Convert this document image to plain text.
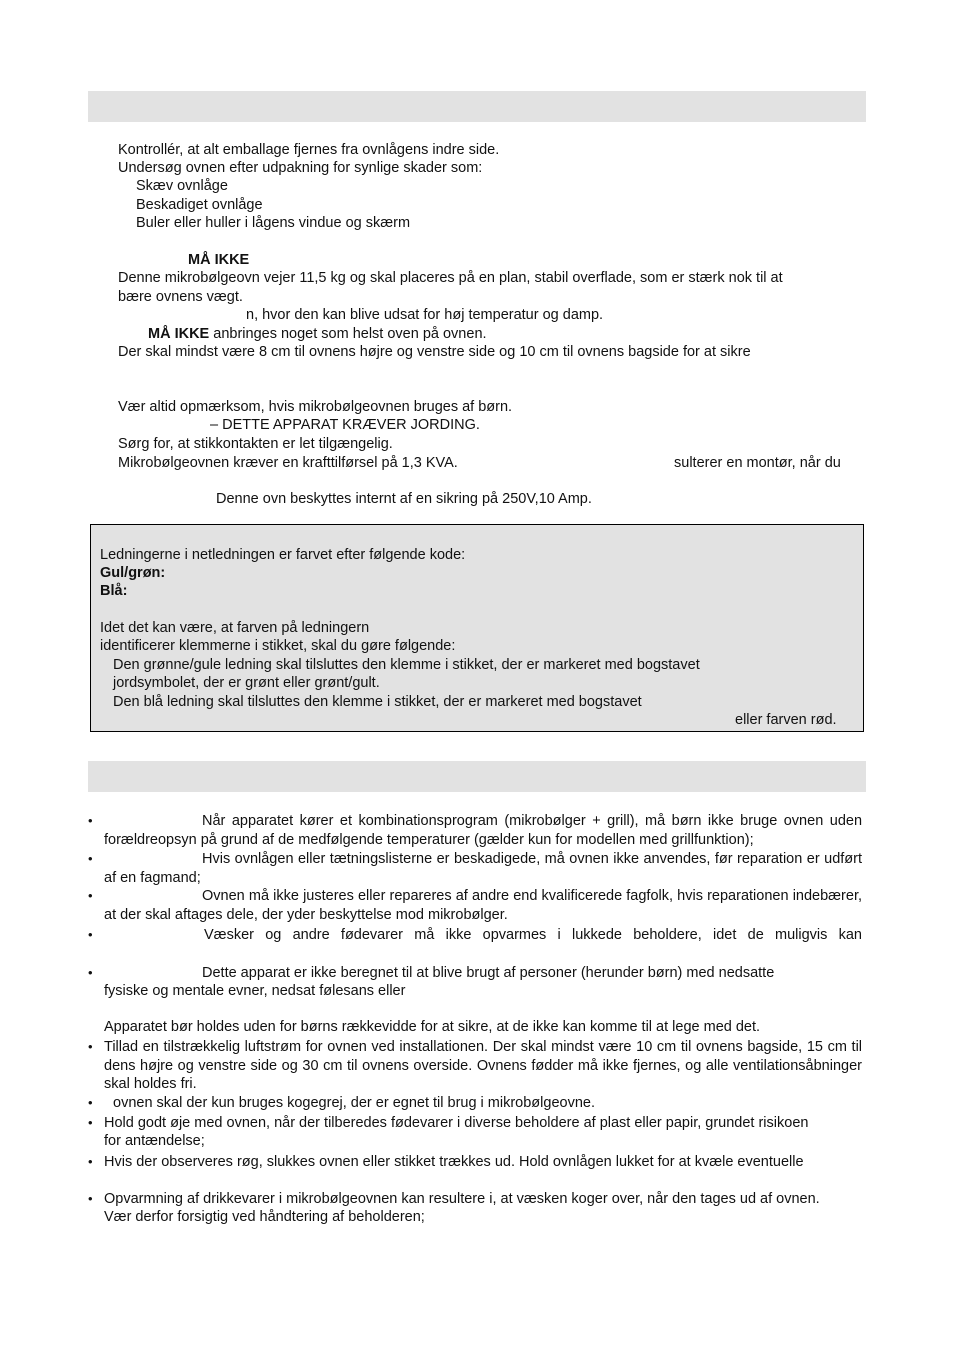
Kontrollér, at alt emballage fjernes fra ovnlågens indre side.
Undersøg ovnen efter udpakning for synlige skader som:
Skæv ovnlåge
Beskadiget ovnlåge
Buler eller huller i lågens vindue og skærm
MÅ IKKE
Denne mikrobølgeovn vejer 11,5 kg og skal placeres på en plan, stabil overflade, som er stærk nok til at
bære ovnens vægt.
n, hvor den kan blive udsat for høj temperatur og damp.
MÅ IKKE anbringes noget som helst oven på ovnen.
Der skal mindst være 8 cm til ovnens højre og venstre side og 10 cm til ovnens bagside for at sikre
Vær altid opmærksom, hvis mikrobølgeovnen bruges af børn.
– DETTE APPARAT KRÆVER JORDING.
Sørg for, at stikkontakten er let tilgængelig.
Mikrobølgeovnen kræver en krafttilførsel på 1,3 KVA.	sulterer en montør, når du
Denne ovn beskyttes internt af en sikring på 250V,10 Amp.
Ledningerne i netledningen er farvet efter følgende kode:
Gul/grøn:
Blå:
Idet det kan være, at farven på ledningern
identificerer klemmerne i stikket, skal du gøre følgende:
Den grønne/gule ledning skal tilsluttes den klemme i stikket, der er markeret med bogstavet
jordsymbolet, der er grønt eller grønt/gult.
Den blå ledning skal tilsluttes den klemme i stikket, der er markeret med bogstavet
eller farven rød.
•	Når apparatet kører et kombinationsprogram (mikrobølger + grill), må børn ikke bruge ovnen uden forældreopsyn på grund af de medfølgende temperaturer (gælder kun for modellen med grillfunktion);
•	Hvis ovnlågen eller tætningslisterne er beskadigede, må ovnen ikke anvendes, før reparation er udført af en fagmand;
•	Ovnen må ikke justeres eller repareres af andre end kvalificerede fagfolk, hvis reparationen indebærer, at der skal aftages dele, der yder beskyttelse mod mikrobølger.
•	Væsker og andre fødevarer må ikke opvarmes i lukkede beholdere, idet de muligvis kan
•	Dette apparat er ikke beregnet til at blive brugt af personer (herunder børn) med nedsatte
fysiske og mentale evner, nedsat følesans eller
Apparatet bør holdes uden for børns rækkevidde for at sikre, at de ikke kan komme til at lege med det.
• Tillad en tilstrækkelig luftstrøm for ovnen ved installationen. Der skal mindst være 10 cm til ovnens bagside, 15 cm til dens højre og venstre side og 30 cm til ovnens overside. Ovnens fødder må ikke fjernes, og alle ventilationsåbninger skal holdes fri.
• ovnen skal der kun bruges kogegrej, der er egnet til brug i mikrobølgeovne.
• Hold godt øje med ovnen, når der tilberedes fødevarer i diverse beholdere af plast eller papir, grundet risikoen
for antændelse;
• Hvis der observeres røg, slukkes ovnen eller stikket trækkes ud. Hold ovnlågen lukket for at kvæle eventuelle
• Opvarmning af drikkevarer i mikrobølgeovnen kan resultere i, at væsken koger over, når den tages ud af ovnen.
Vær derfor forsigtig ved håndtering af beholderen;
